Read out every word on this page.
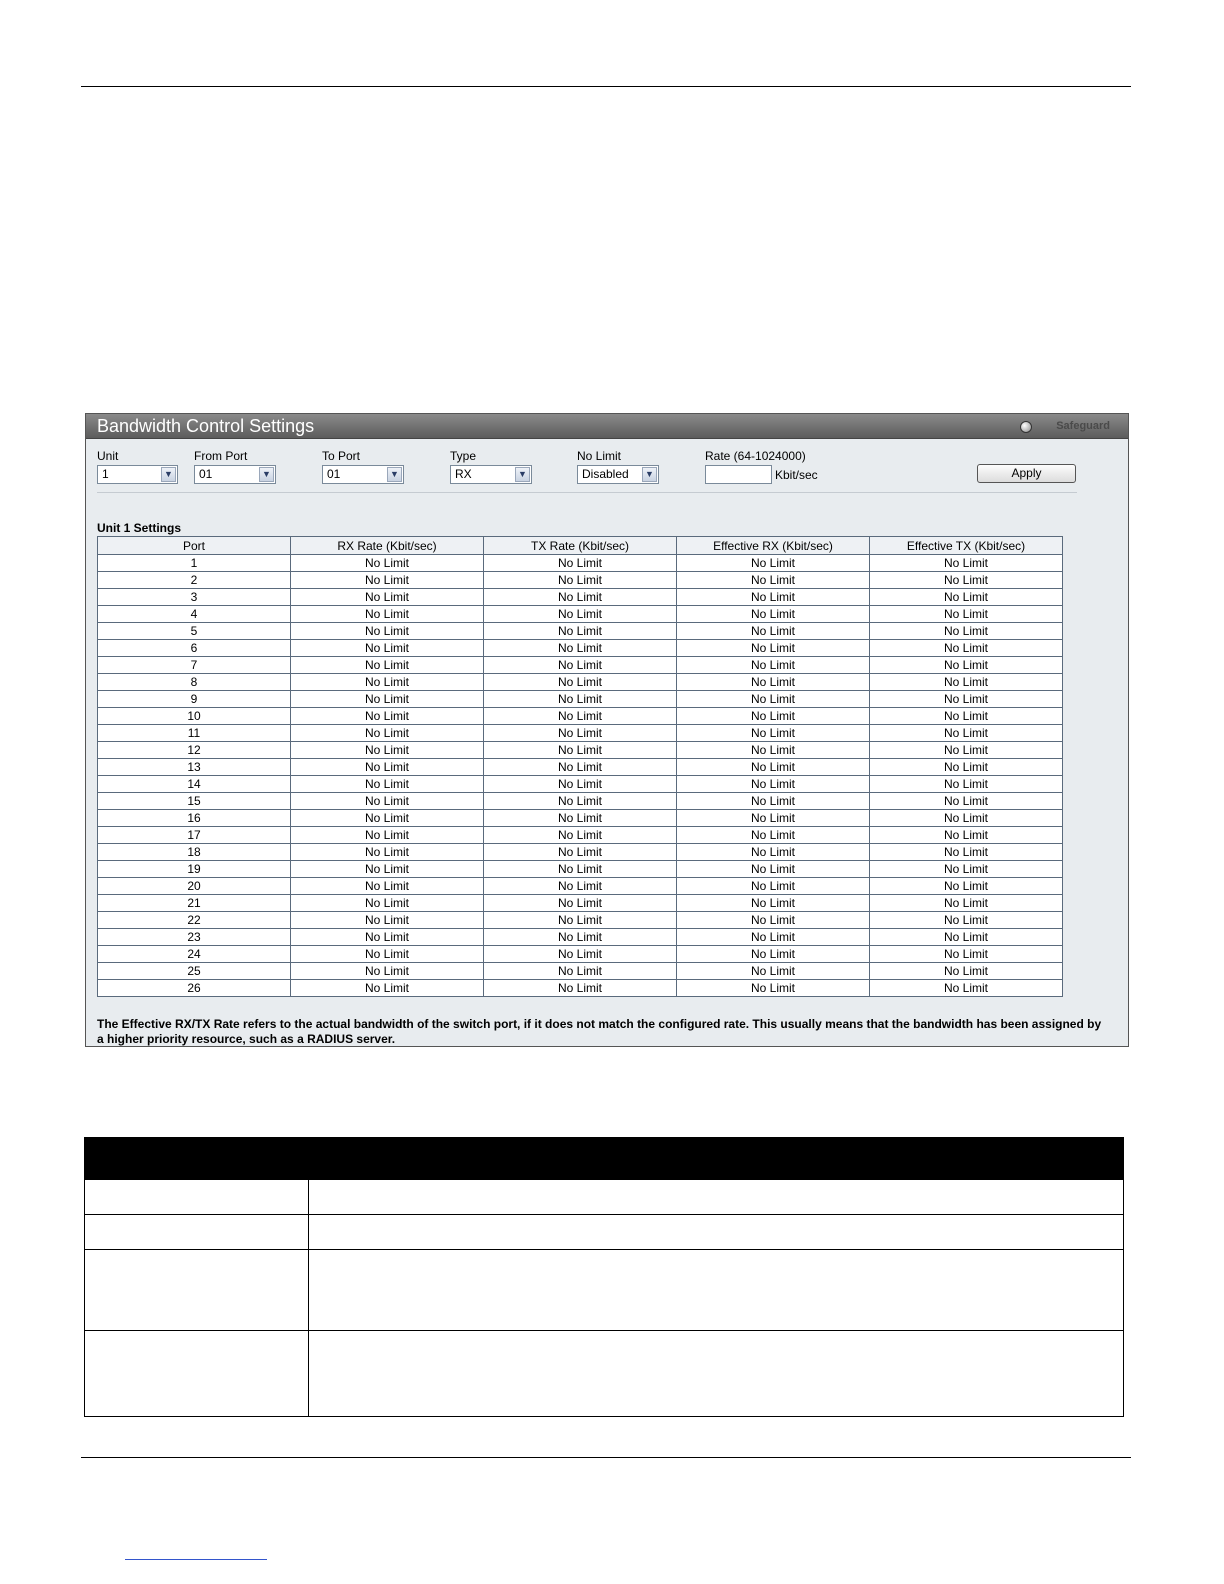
Bandwidth Control Settings	Safeguard
Unit
1	▼
From Port
01	▼
To Port
01	▼
Type
RX	▼
No Limit
Disabled	▼
Rate (64-1024000)
Kbit/sec	Apply
Unit 1 Settings
Port	RX Rate (Kbit/sec)	TX Rate (Kbit/sec)	Effective RX (Kbit/sec)	Effective TX (Kbit/sec)
1	No Limit	No Limit	No Limit	No Limit
2	No Limit	No Limit	No Limit	No Limit
3	No Limit	No Limit	No Limit	No Limit
4	No Limit	No Limit	No Limit	No Limit
5	No Limit	No Limit	No Limit	No Limit
6	No Limit	No Limit	No Limit	No Limit
7	No Limit	No Limit	No Limit	No Limit
8	No Limit	No Limit	No Limit	No Limit
9	No Limit	No Limit	No Limit	No Limit
10	No Limit	No Limit	No Limit	No Limit
11	No Limit	No Limit	No Limit	No Limit
12	No Limit	No Limit	No Limit	No Limit
13	No Limit	No Limit	No Limit	No Limit
14	No Limit	No Limit	No Limit	No Limit
15	No Limit	No Limit	No Limit	No Limit
16	No Limit	No Limit	No Limit	No Limit
17	No Limit	No Limit	No Limit	No Limit
18	No Limit	No Limit	No Limit	No Limit
19	No Limit	No Limit	No Limit	No Limit
20	No Limit	No Limit	No Limit	No Limit
21	No Limit	No Limit	No Limit	No Limit
22	No Limit	No Limit	No Limit	No Limit
23	No Limit	No Limit	No Limit	No Limit
24	No Limit	No Limit	No Limit	No Limit
25	No Limit	No Limit	No Limit	No Limit
26	No Limit	No Limit	No Limit	No Limit
The Effective RX/TX Rate refers to the actual bandwidth of the switch port, if it does not match the configured rate. This usually means that the bandwidth has been assigned by a higher priority resource, such as a RADIUS server.
